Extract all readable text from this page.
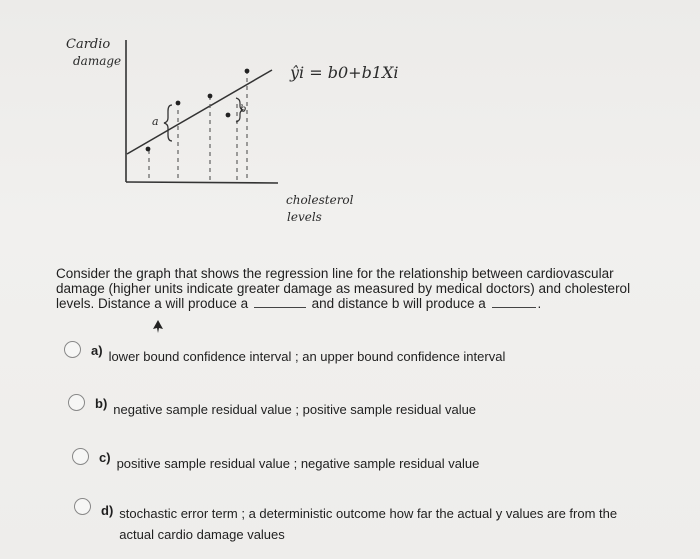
Cardio
damage
a
b
ŷi = b0+b1Xi
cholesterol
levels
Consider the graph that shows the regression line for the relationship between cardiovascular damage (higher units indicate greater damage as measured by medical doctors) and cholesterol levels. Distance a will produce a	and distance b will produce a	.
a) lower bound confidence interval ; an upper bound confidence interval
b) negative sample residual value ; positive sample residual value
c) positive sample residual value ; negative sample residual value
d) stochastic error term ; a deterministic outcome how far the actual y values are from the actual cardio damage values
